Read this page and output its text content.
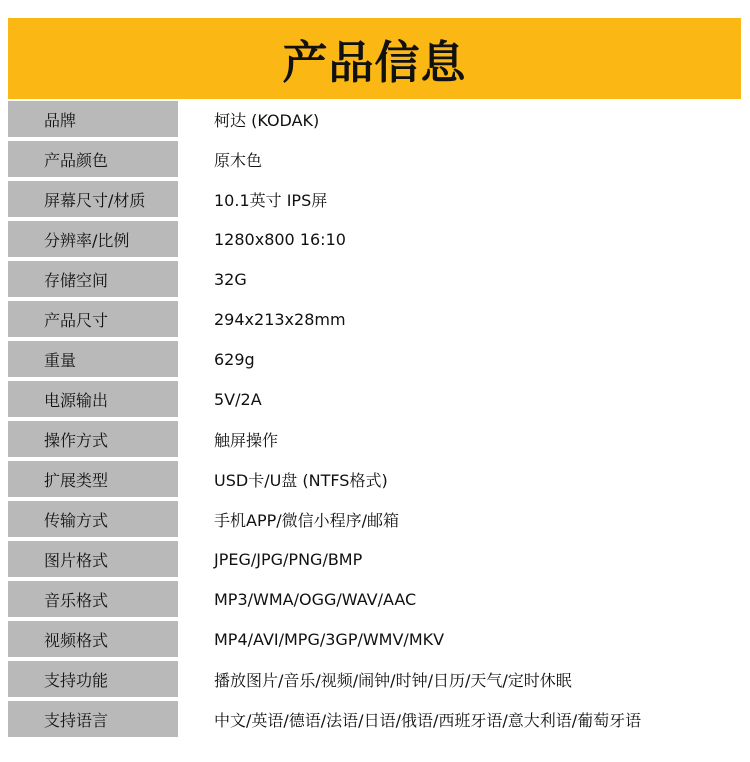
产品信息
品牌	柯达 (KODAK)
产品颜色	原木色
屏幕尺寸/材质	10.1英寸 IPS屏
分辨率/比例	1280x800 16:10
存储空间	32G
产品尺寸	294x213x28mm
重量	629g
电源输出	5V/2A
操作方式	触屏操作
扩展类型	USD卡/U盘 (NTFS格式)
传输方式	手机APP/微信小程序/邮箱
图片格式	JPEG/JPG/PNG/BMP
音乐格式	MP3/WMA/OGG/WAV/AAC
视频格式	MP4/AVI/MPG/3GP/WMV/MKV
支持功能	播放图片/音乐/视频/闹钟/时钟/日历/天气/定时休眠
支持语言	中文/英语/德语/法语/日语/俄语/西班牙语/意大利语/葡萄牙语
